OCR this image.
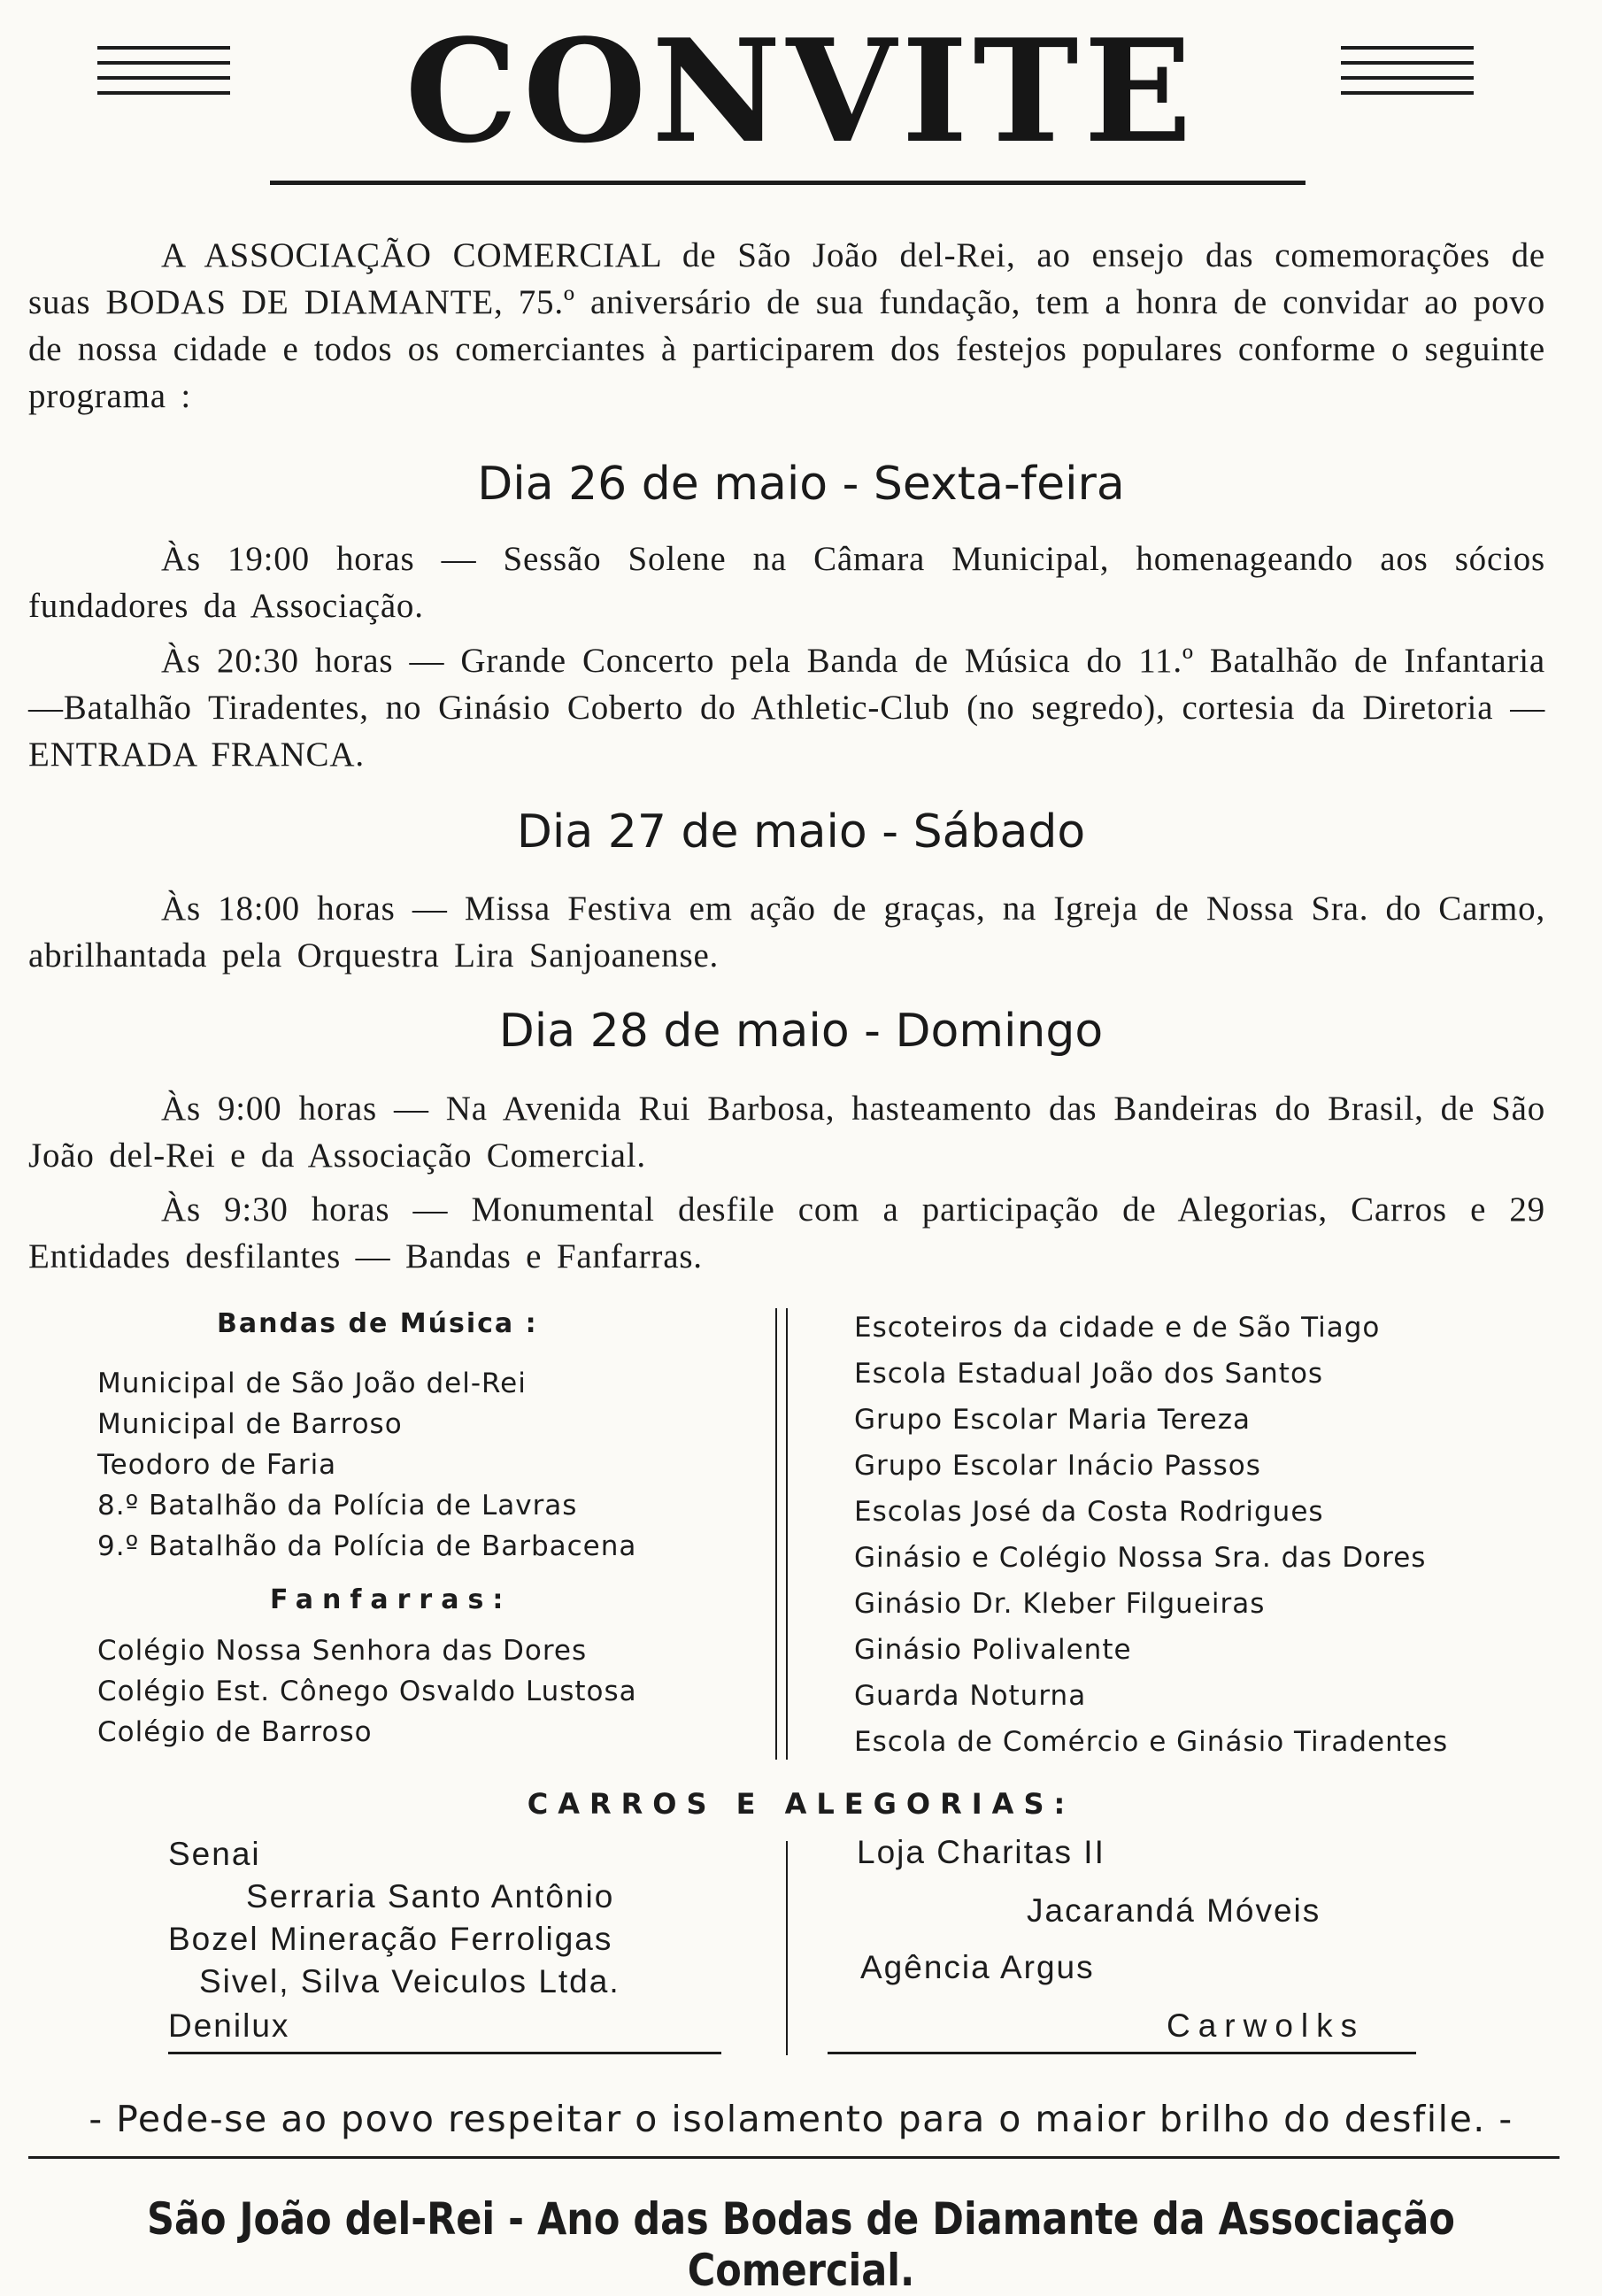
CONVITE
A ASSOCIAÇÃO COMERCIAL de São João del-Rei, ao ensejo das comemorações de suas BODAS DE DIAMANTE, 75.º aniversário de sua fundação, tem a honra de convidar ao povo de nossa cidade e todos os comerciantes à participarem dos festejos populares conforme o seguinte programa :
Dia 26 de maio - Sexta-feira
Às 19:00 horas — Sessão Solene na Câmara Municipal, homenageando aos sócios fundadores da Associação.
Às 20:30 horas — Grande Concerto pela Banda de Música do 11.º Batalhão de Infantaria—Batalhão Tiradentes, no Ginásio Coberto do Athletic-Club (no segredo), cortesia da Diretoria — ENTRADA FRANCA.
Dia 27 de maio - Sábado
Às 18:00 horas — Missa Festiva em ação de graças, na Igreja de Nossa Sra. do Carmo, abrilhantada pela Orquestra Lira Sanjoanense.
Dia 28 de maio - Domingo
Às 9:00 horas — Na Avenida Rui Barbosa, hasteamento das Bandeiras do Brasil, de São João del-Rei e da Associação Comercial.
Às 9:30 horas — Monumental desfile com a participação de Alegorias, Carros e 29 Entidades desfilantes — Bandas e Fanfarras.
Bandas de Música :
Municipal de São João del-Rei
Municipal de Barroso
Teodoro de Faria
8.º Batalhão da Polícia de Lavras
9.º Batalhão da Polícia de Barbacena
Fanfarras:
Colégio Nossa Senhora das Dores
Colégio Est. Cônego Osvaldo Lustosa
Colégio de Barroso
Escoteiros da cidade e de São Tiago
Escola Estadual João dos Santos
Grupo Escolar Maria Tereza
Grupo Escolar Inácio Passos
Escolas José da Costa Rodrigues
Ginásio e Colégio Nossa Sra. das Dores
Ginásio Dr. Kleber Filgueiras
Ginásio Polivalente
Guarda Noturna
Escola de Comércio e Ginásio Tiradentes
CARROS E ALEGORIAS:
Senai
Serraria Santo Antônio
Bozel Mineração Ferroligas
Sivel, Silva Veiculos Ltda.
Denilux
Loja Charitas II
Jacarandá Móveis
Agência Argus
Carwolks
- Pede-se ao povo respeitar o isolamento para o maior brilho do desfile. -
São João del-Rei - Ano das Bodas de Diamante da Associação Comercial.
